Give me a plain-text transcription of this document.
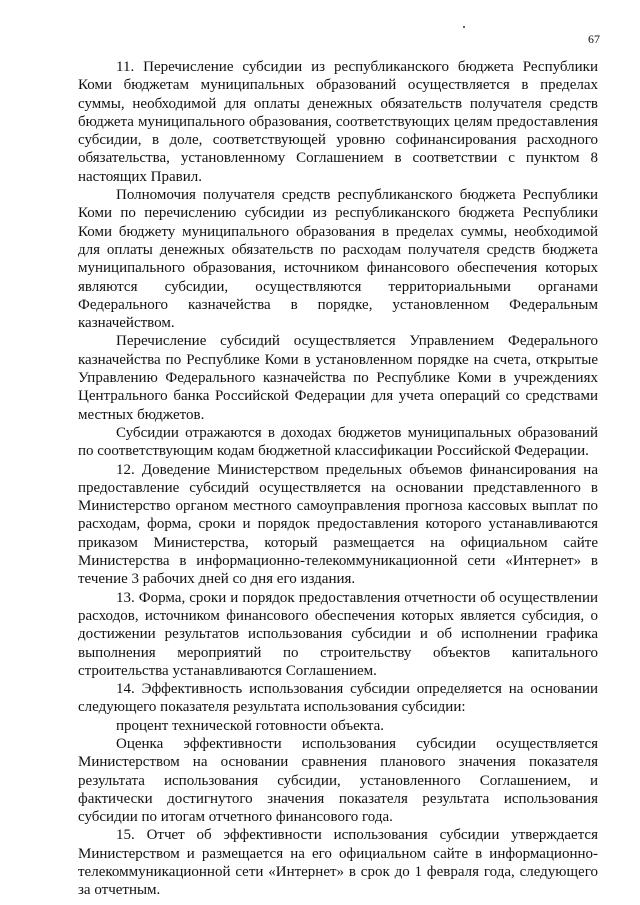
67

11. Перечисление субсидии из республиканского бюджета Республики Коми бюджетам муниципальных образований осуществляется в пределах суммы, необходимой для оплаты денежных обязательств получателя средств бюджета муниципального образования, соответствующих целям предоставления субсидии, в доле, соответствующей уровню софинансирования расходного обязательства, установленному Соглашением в соответствии с пунктом 8 настоящих Правил.

Полномочия получателя средств республиканского бюджета Республики Коми по перечислению субсидии из республиканского бюджета Республики Коми бюджету муниципального образования в пределах суммы, необходимой для оплаты денежных обязательств по расходам получателя средств бюджета муниципального образования, источником финансового обеспечения которых являются субсидии, осуществляются территориальными органами Федерального казначейства в порядке, установленном Федеральным казначейством.

Перечисление субсидий осуществляется Управлением Федерального казначейства по Республике Коми в установленном порядке на счета, открытые Управлению Федерального казначейства по Республике Коми в учреждениях Центрального банка Российской Федерации для учета операций со средствами местных бюджетов.

Субсидии отражаются в доходах бюджетов муниципальных образований по соответствующим кодам бюджетной классификации Российской Федерации.

12. Доведение Министерством предельных объемов финансирования на предоставление субсидий осуществляется на основании представленного в Министерство органом местного самоуправления прогноза кассовых выплат по расходам, форма, сроки и порядок предоставления которого устанавливаются приказом Министерства, который размещается на официальном сайте Министерства в информационно-телекоммуникационной сети «Интернет» в течение 3 рабочих дней со дня его издания.

13. Форма, сроки и порядок предоставления отчетности об осуществлении расходов, источником финансового обеспечения которых является субсидия, о достижении результатов использования субсидии и об исполнении графика выполнения мероприятий по строительству объектов капитального строительства устанавливаются Соглашением.

14. Эффективность использования субсидии определяется на основании следующего показателя результата использования субсидии:

процент технической готовности объекта.

Оценка эффективности использования субсидии осуществляется Министерством на основании сравнения планового значения показателя результата использования субсидии, установленного Соглашением, и фактически достигнутого значения показателя результата использования субсидии по итогам отчетного финансового года.

15. Отчет об эффективности использования субсидии утверждается Министерством и размещается на его официальном сайте в информационно-телекоммуникационной сети «Интернет» в срок до 1 февраля года, следующего за отчетным.
